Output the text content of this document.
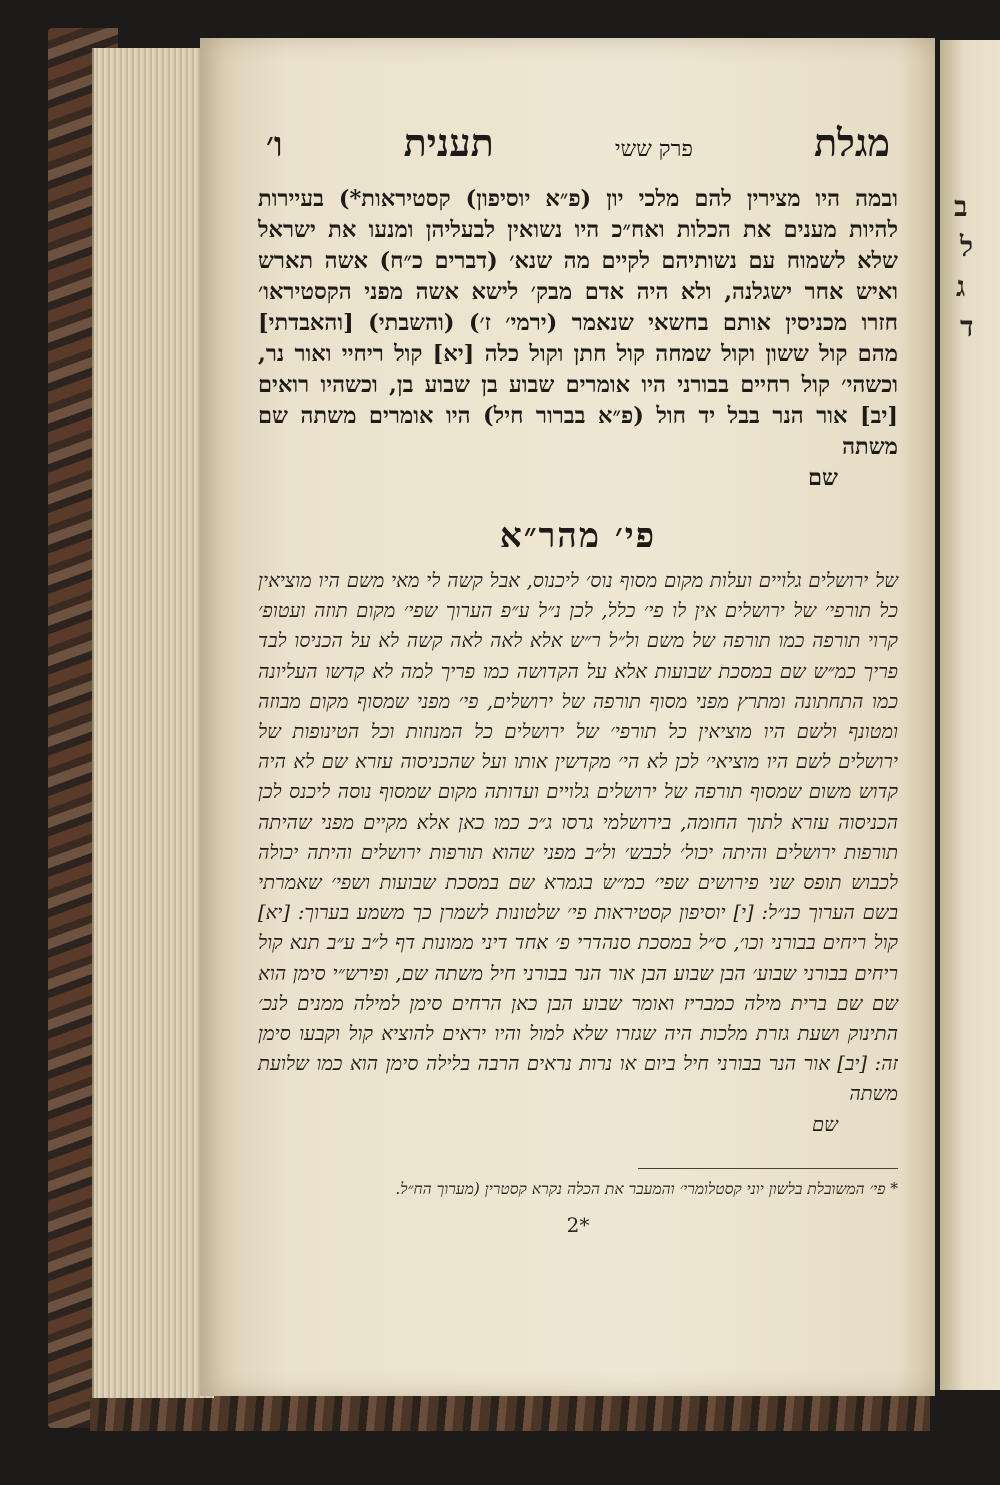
ב
ל
ג
ד
מגלת
פרק ששי
תענית
ו׳
ובמה היו מצירין להם מלכי יון (פ״א יוסיפון) קסטיראות*) בעיירות להיות מענים את הכלות ואח״כ היו נשואין לבעליהן ומנעו את ישראל שלא לשמוח עם נשותיהם לקיים מה שנא׳ (דברים כ״ח) אשה תארש ואיש אחר ישגלנה, ולא היה אדם מבק׳ לישא אשה מפני הקסטיראו׳ חזרו מכניסין אותם בחשאי שנאמר (ירמי׳ ז׳) (והשבתי) [והאבדתי] מהם קול ששון וקול שמחה קול חתן וקול כלה [יא] קול ריחיי ואור נר, וכשהי׳ קול רחיים בבורני היו אומרים שבוע בן שבוע בן, וכשהיו רואים [יב] אור הנר בבל יד חול (פ״א בברור חיל) היו אומרים משתה שם משתה
שם
פי׳ מהר״א
של ירושלים גלויים ועלות מקום מסוף נוס׳ ליכנוס, אבל קשה לי מאי משם היו מוציאין כל תורפי׳ של ירושלים אין לו פי׳ כלל, לכן נ״ל ע״פ הערוך שפי׳ מקום תוזה ועטופ׳ קרוי תורפה כמו תורפה של משם ול״ל ר״ש אלא לאה לאה קשה לא על הכניסו לבד פריך כמ״ש שם במסכת שבועות אלא על הקדושה כמו פריך למה לא קדשו העליונה כמו התחתונה ומתרץ מפני מסוף תורפה של ירושלים, פי׳ מפני שמסוף מקום מבוזה ומטונף ולשם היו מוציאין כל תורפי׳ של ירושלים כל המנוזות וכל הטינופות של ירושלים לשם היו מוציאי׳ לכן לא הי׳ מקדשין אותו ועל שהכניסוה עזרא שם לא היה קדוש משום שמסוף תורפה של ירושלים גלויים ועדותה מקום שמסוף נוסה ליכנס לכן הכניסוה עזרא לתוך החומה, בירושלמי גרסו ג״כ כמו כאן אלא מקיים מפני שהיתה תורפות ירושלים והיתה יכול׳ לכבש׳ ול״ב מפני שהוא תורפות ירושלים והיתה יכולה לכבוש תופס שני פירושים שפי׳ כמ״ש בגמרא שם במסכת שבועות ושפי׳ שאמרתי בשם הערוך כנ״ל: [י] יוסיפון קסטיראות פי׳ שלטונות לשמרן כך משמע בערוך: [יא] קול ריחים בבורני וכו׳, ס״ל במסכת סנהדרי פ׳ אחד דיני ממונות דף ל״ב ע״ב תנא קול ריחים בבורני שבוע׳ הבן שבוע הבן אור הנר בבורני חיל משתה שם, ופירש״י סימן הוא שם שם ברית מילה כמבריז ואומר שבוע הבן כאן הרחים סימן למילה ממנים לנכ׳ התינוק ושעת גזרת מלכות היה שגזרו שלא למול והיו יראים להוציא קול וקבעו סימן זה: [יב] אור הנר בבורני חיל ביום או נרות נראים הרבה בלילה סימן הוא כמו שלועת משתה
שם
* פי׳ המשובלת בלשון יוני קסטלומרי׳ והמעבר את הכלה נקרא קסטרין (מערוך הח״ל.
2*
